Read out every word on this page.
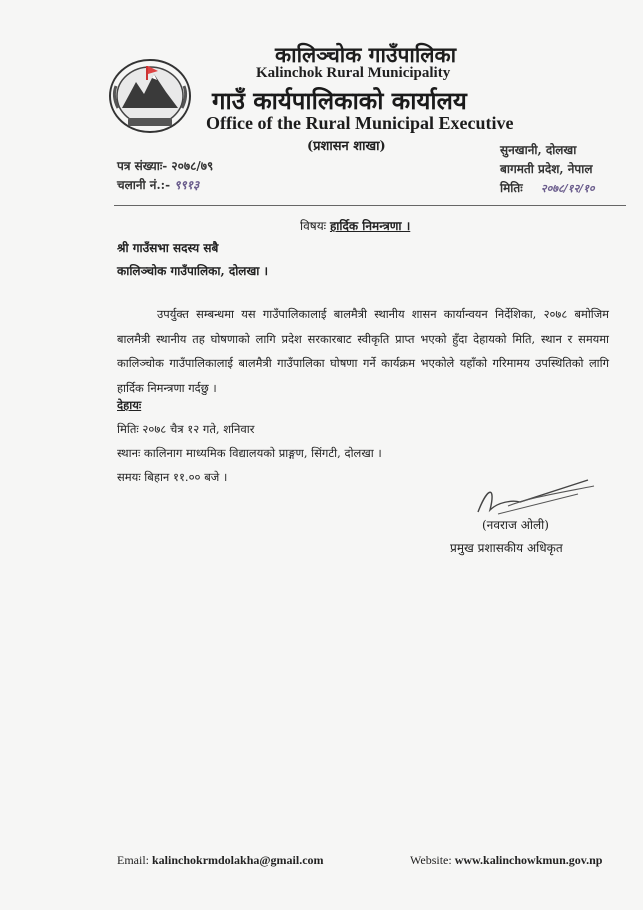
कालिञ्चोक गाउँपालिका
Kalinchok Rural Municipality
गाउँ कार्यपालिकाको कार्यालय
Office of the Rural Municipal Executive
(प्रशासन शाखा)
पत्र संख्याः- २०७८/७९
चलानी नं.:- ९९१३
सुनखानी, दोलखा
बागमती प्रदेश, नेपाल
मितिः २०७८/१२/१०
विषयः हार्दिक निमन्त्रणा ।
श्री गाउँसभा सदस्य सबै
कालिञ्चोक गाउँपालिका, दोलखा ।
उपर्युक्त सम्बन्धमा यस गाउँपालिकालाई बालमैत्री स्थानीय शासन कार्यान्वयन निर्देशिका, २०७८ बमोजिम बालमैत्री स्थानीय तह घोषणाको लागि प्रदेश सरकारबाट स्वीकृति प्राप्त भएको हुँदा देहायको मिति, स्थान र समयमा कालिञ्चोक गाउँपालिकालाई बालमैत्री गाउँपालिका घोषणा गर्ने कार्यक्रम भएकोले यहाँको गरिमामय उपस्थितिको लागि हार्दिक निमन्त्रणा गर्दछु ।
देहायः
मितिः २०७८ चैत्र १२ गते, शनिवार
स्थानः कालिनाग माध्यमिक विद्यालयको प्राङ्गण, सिंगटी, दोलखा ।
समयः बिहान ११.०० बजे ।
(नवराज ओली)
प्रमुख प्रशासकीय अधिकृत
Email: kalinchokrmdolakha@gmail.com	Website: www.kalinchowkmun.gov.np
